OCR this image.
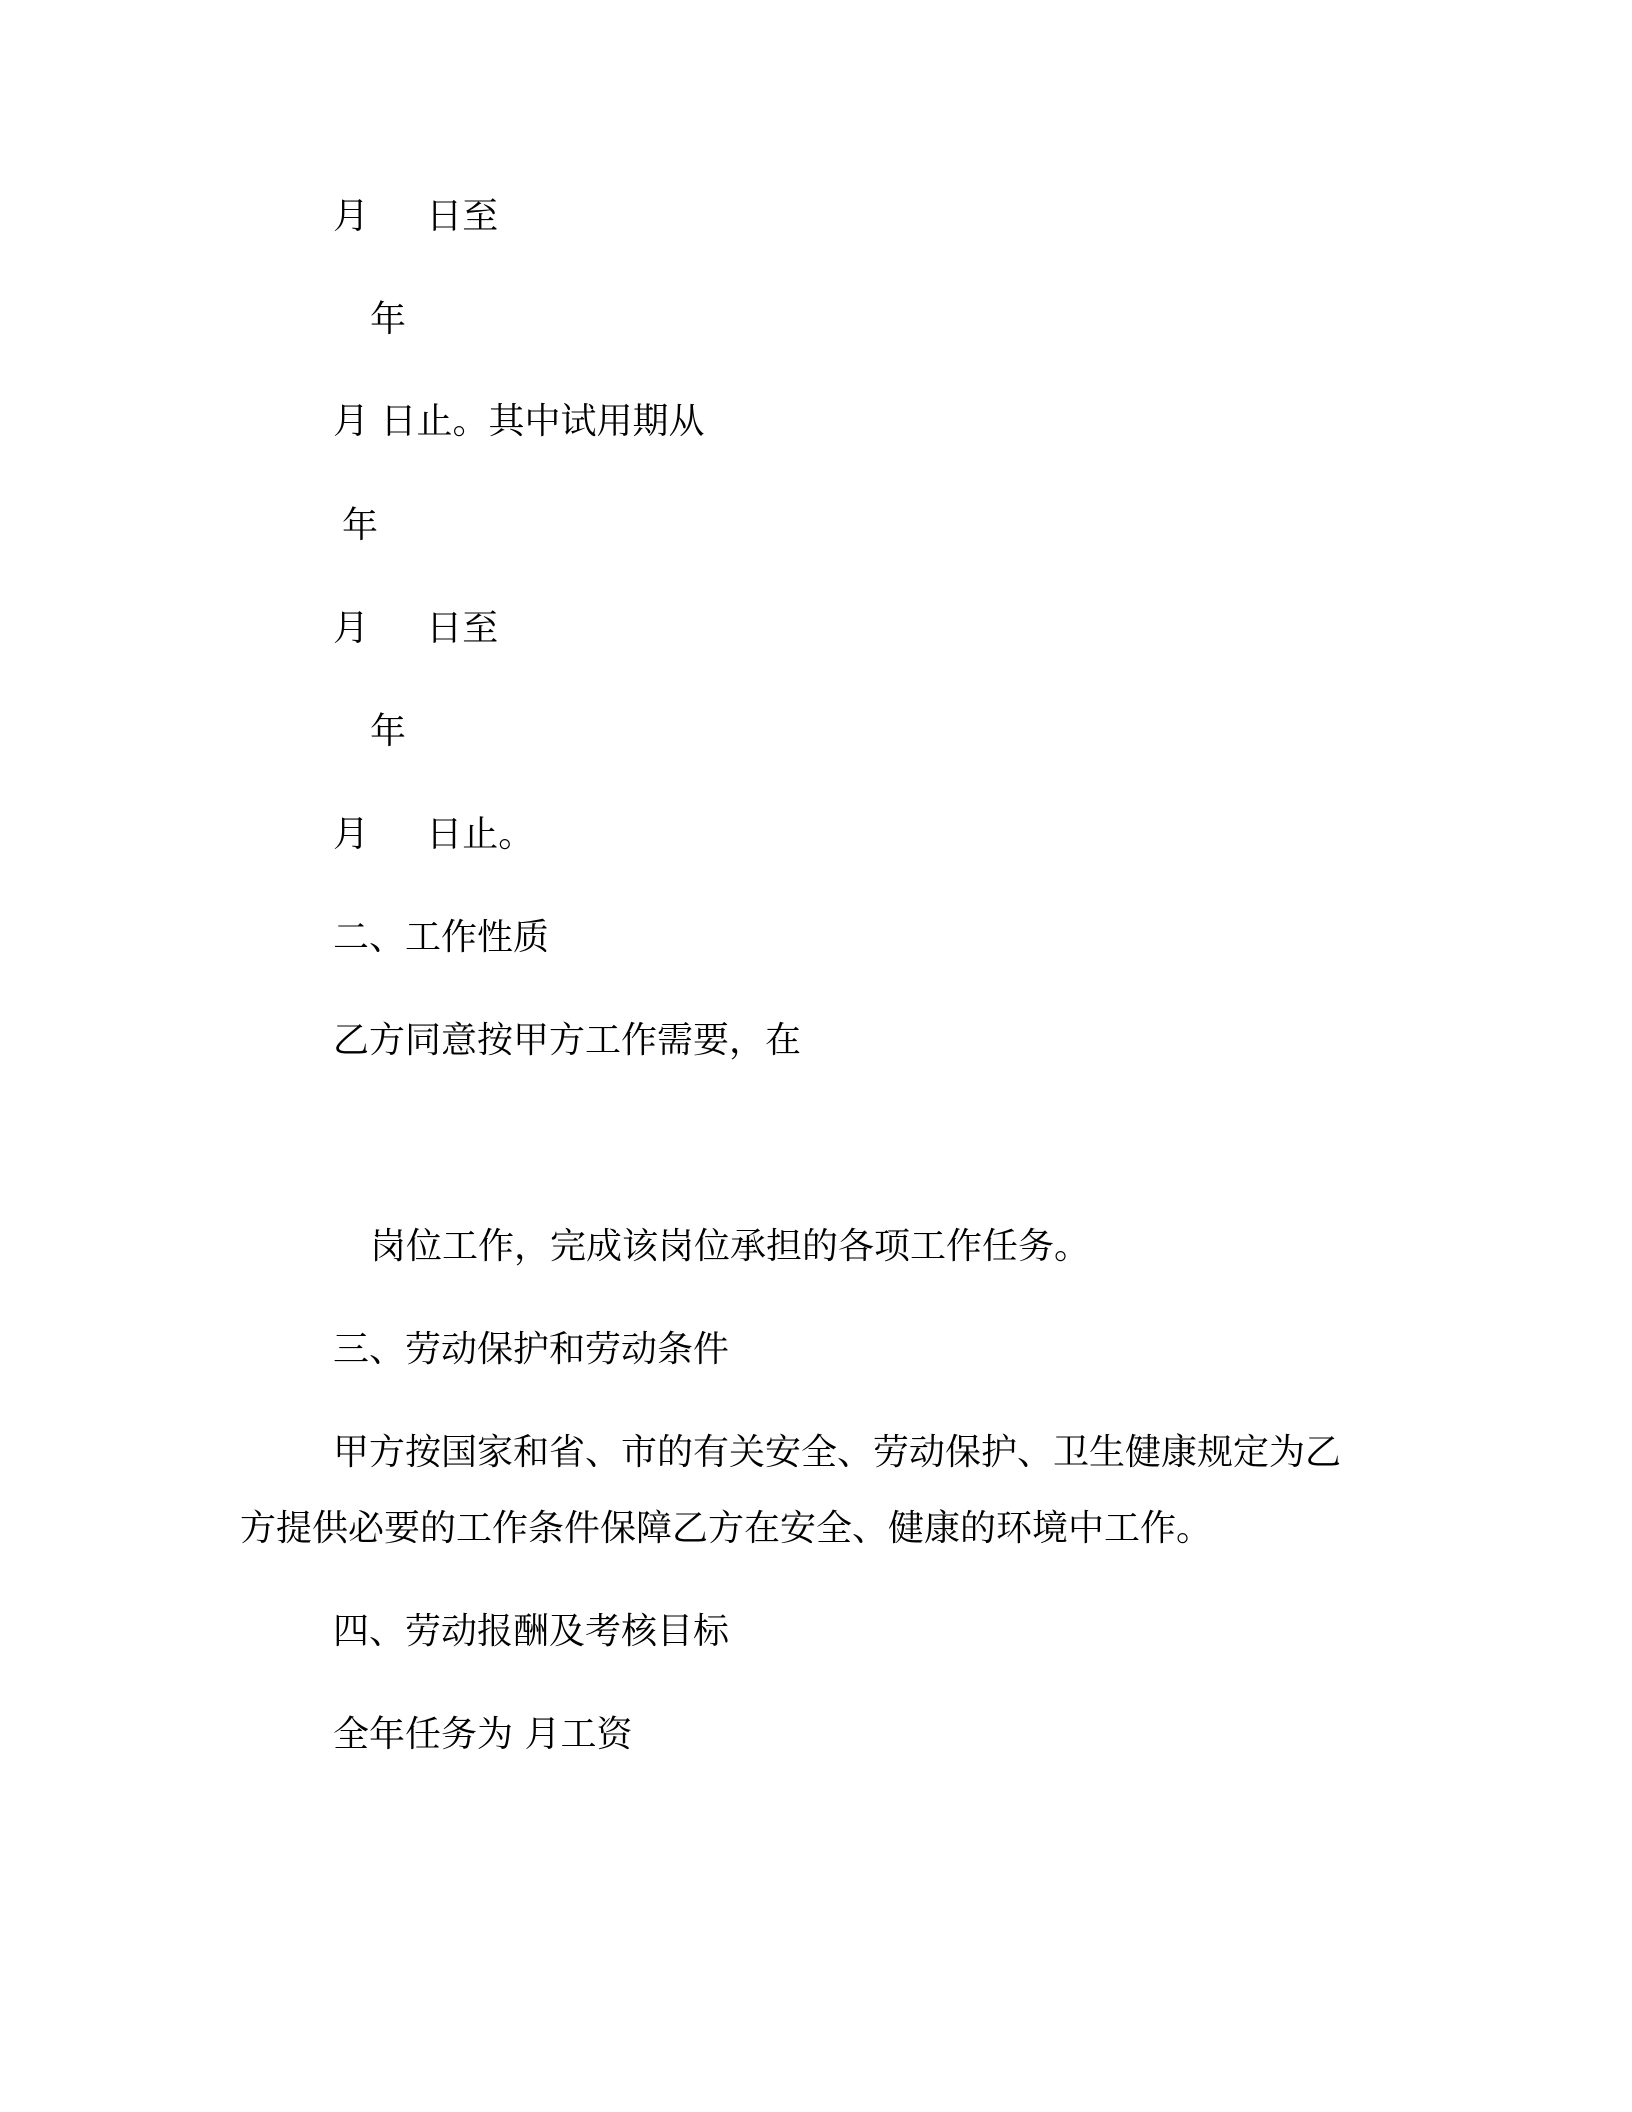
月     日至

年

月 日止。其中试用期从

年

月     日至

年

月     日止。

二、工作性质

乙方同意按甲方工作需要，在

岗位工作，完成该岗位承担的各项工作任务。

三、劳动保护和劳动条件

甲方按国家和省、市的有关安全、劳动保护、卫生健康规定为乙

方提供必要的工作条件保障乙方在安全、健康的环境中工作。

四、劳动报酬及考核目标

全年任务为 月工资
